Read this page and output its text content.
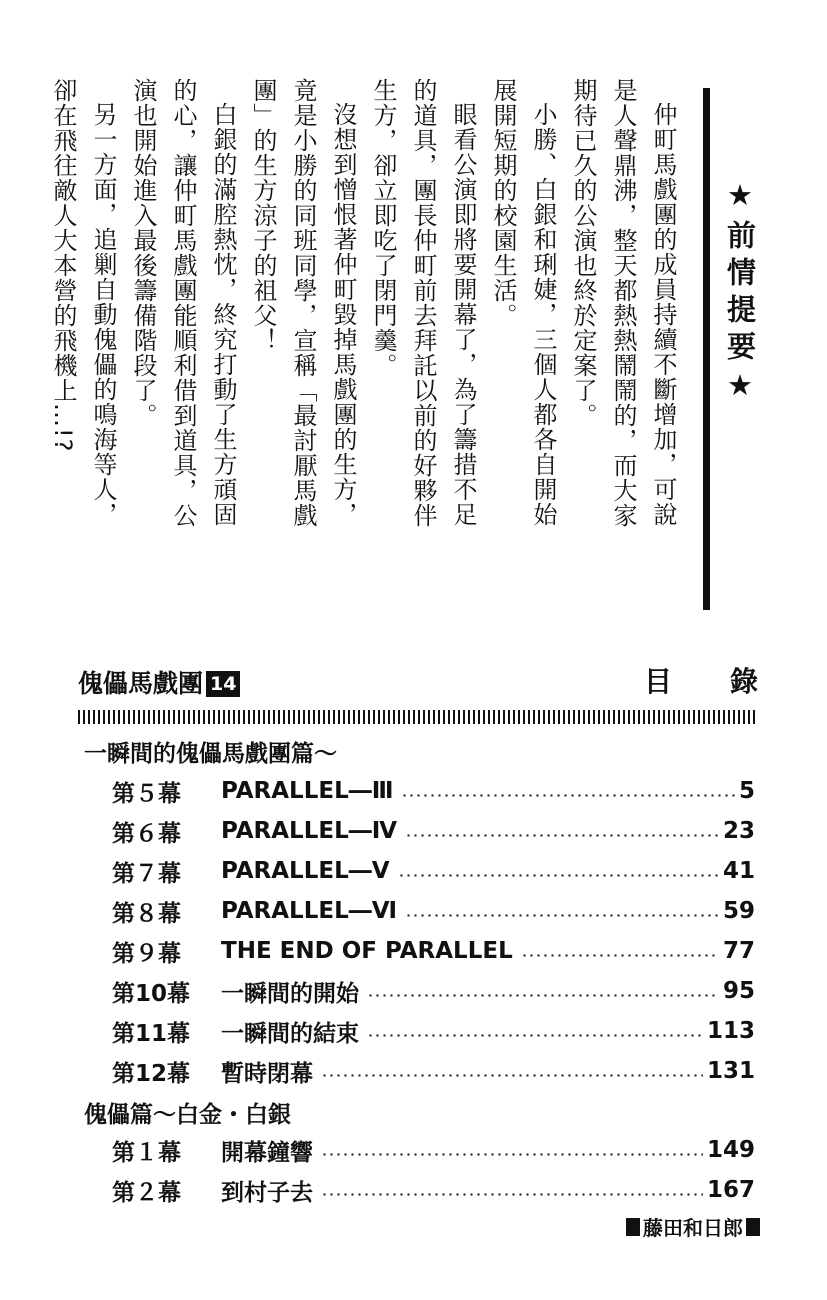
★前情提要★

仲町馬戲團的成員持續不斷增加，可說是人聲鼎沸，整天都熱熱鬧鬧的，而大家期待已久的公演也終於定案了。

小勝、白銀和琍婕，三個人都各自開始展開短期的校園生活。

眼看公演即將要開幕了，為了籌措不足的道具，團長仲町前去拜託以前的好夥伴生方，卻立即吃了閉門羹。

沒想到憎恨著仲町毀掉馬戲團的生方，竟是小勝的同班同學，宣稱「最討厭馬戲團」的生方涼子的祖父！

白銀的滿腔熱忱，終究打動了生方頑固的心，讓仲町馬戲團能順利借到道具，公演也開始進入最後籌備階段了。

另一方面，追剿自動傀儡的鳴海等人，卻在飛往敵人大本營的飛機上…!?

傀儡馬戲團 14	目錄
一瞬間的傀儡馬戲團篇～
第５幕	PARALLEL―Ⅲ	5
第６幕	PARALLEL―Ⅳ	23
第７幕	PARALLEL―Ⅴ	41
第８幕	PARALLEL―Ⅵ	59
第９幕	THE END OF PARALLEL	77
第10幕	一瞬間的開始	95
第11幕	一瞬間的結束	113
第12幕	暫時閉幕	131
傀儡篇～白金・白銀
第１幕	開幕鐘響	149
第２幕	到村子去	167
藤田和日郎
